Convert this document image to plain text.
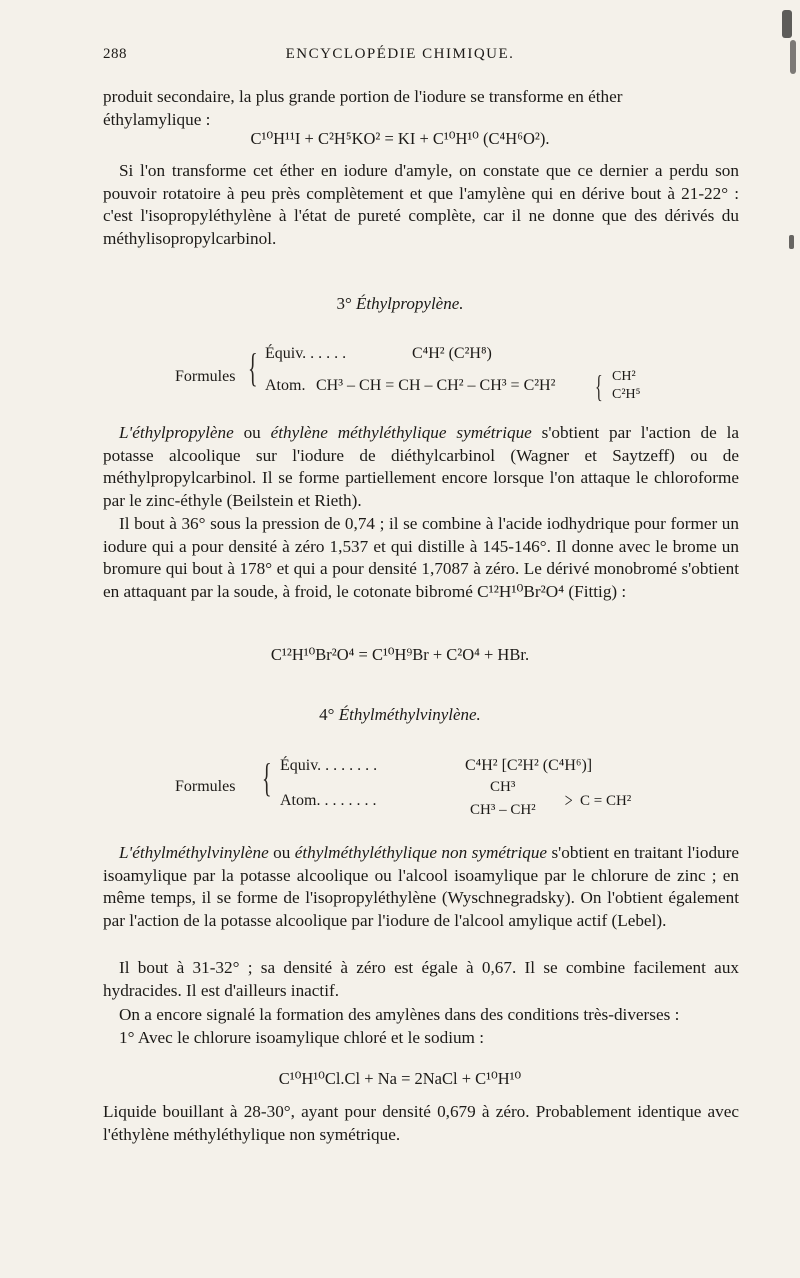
288	ENCYCLOPÉDIE CHIMIQUE.
produit secondaire, la plus grande portion de l'iodure se transforme en éther
éthylamylique :
C¹⁰H¹¹I + C²H⁵KO² = KI + C¹⁰H¹⁰ (C⁴H⁶O²).
Si l'on transforme cet éther en iodure d'amyle, on constate que ce dernier a perdu son pouvoir rotatoire à peu près complètement et que l'amylène qui en dérive bout à 21-22° : c'est l'isopropyléthylène à l'état de pureté complète, car il ne donne que des dérivés du méthylisopropylcarbinol.
3° Éthylpropylène.
Formules { Équiv. . . . . .	C⁴H² (C²H⁸)
Atom. CH³ – CH = CH – CH² – CH³ = C²H² { CH²
C²H⁵
L'éthylpropylène ou éthylène méthyléthylique symétrique s'obtient par l'action de la potasse alcoolique sur l'iodure de diéthylcarbinol (Wagner et Saytzeff) ou de méthylpropylcarbinol. Il se forme partiellement encore lorsque l'on attaque le chloroforme par le zinc-éthyle (Beilstein et Rieth).
Il bout à 36° sous la pression de 0,74 ; il se combine à l'acide iodhydrique pour former un iodure qui a pour densité à zéro 1,537 et qui distille à 145-146°. Il donne avec le brome un bromure qui bout à 178° et qui a pour densité 1,7087 à zéro. Le dérivé monobromé s'obtient en attaquant par la soude, à froid, le cotonate bibromé C¹²H¹⁰Br²O⁴ (Fittig) :
C¹²H¹⁰Br²O⁴ = C¹⁰H⁹Br + C²O⁴ + HBr.
4° Éthylméthylvinylène.
Formules { Équiv. . . . . . . .	C⁴H² [C²H² (C⁴H⁶)]
Atom. . . . . . . .
CH³
CH³ – CH² > C = CH²
L'éthylméthylvinylène ou éthylméthyléthylique non symétrique s'obtient en traitant l'iodure isoamylique par la potasse alcoolique ou l'alcool isoamylique par le chlorure de zinc ; en même temps, il se forme de l'isopropyléthylène (Wyschnegradsky). On l'obtient également par l'action de la potasse alcoolique par l'iodure de l'alcool amylique actif (Lebel).
Il bout à 31-32° ; sa densité à zéro est égale à 0,67. Il se combine facilement aux hydracides. Il est d'ailleurs inactif.
On a encore signalé la formation des amylènes dans des conditions très-diverses :
1° Avec le chlorure isoamylique chloré et le sodium :
C¹⁰H¹⁰Cl.Cl + Na = 2NaCl + C¹⁰H¹⁰
Liquide bouillant à 28-30°, ayant pour densité 0,679 à zéro. Probablement identique avec l'éthylène méthyléthylique non symétrique.
